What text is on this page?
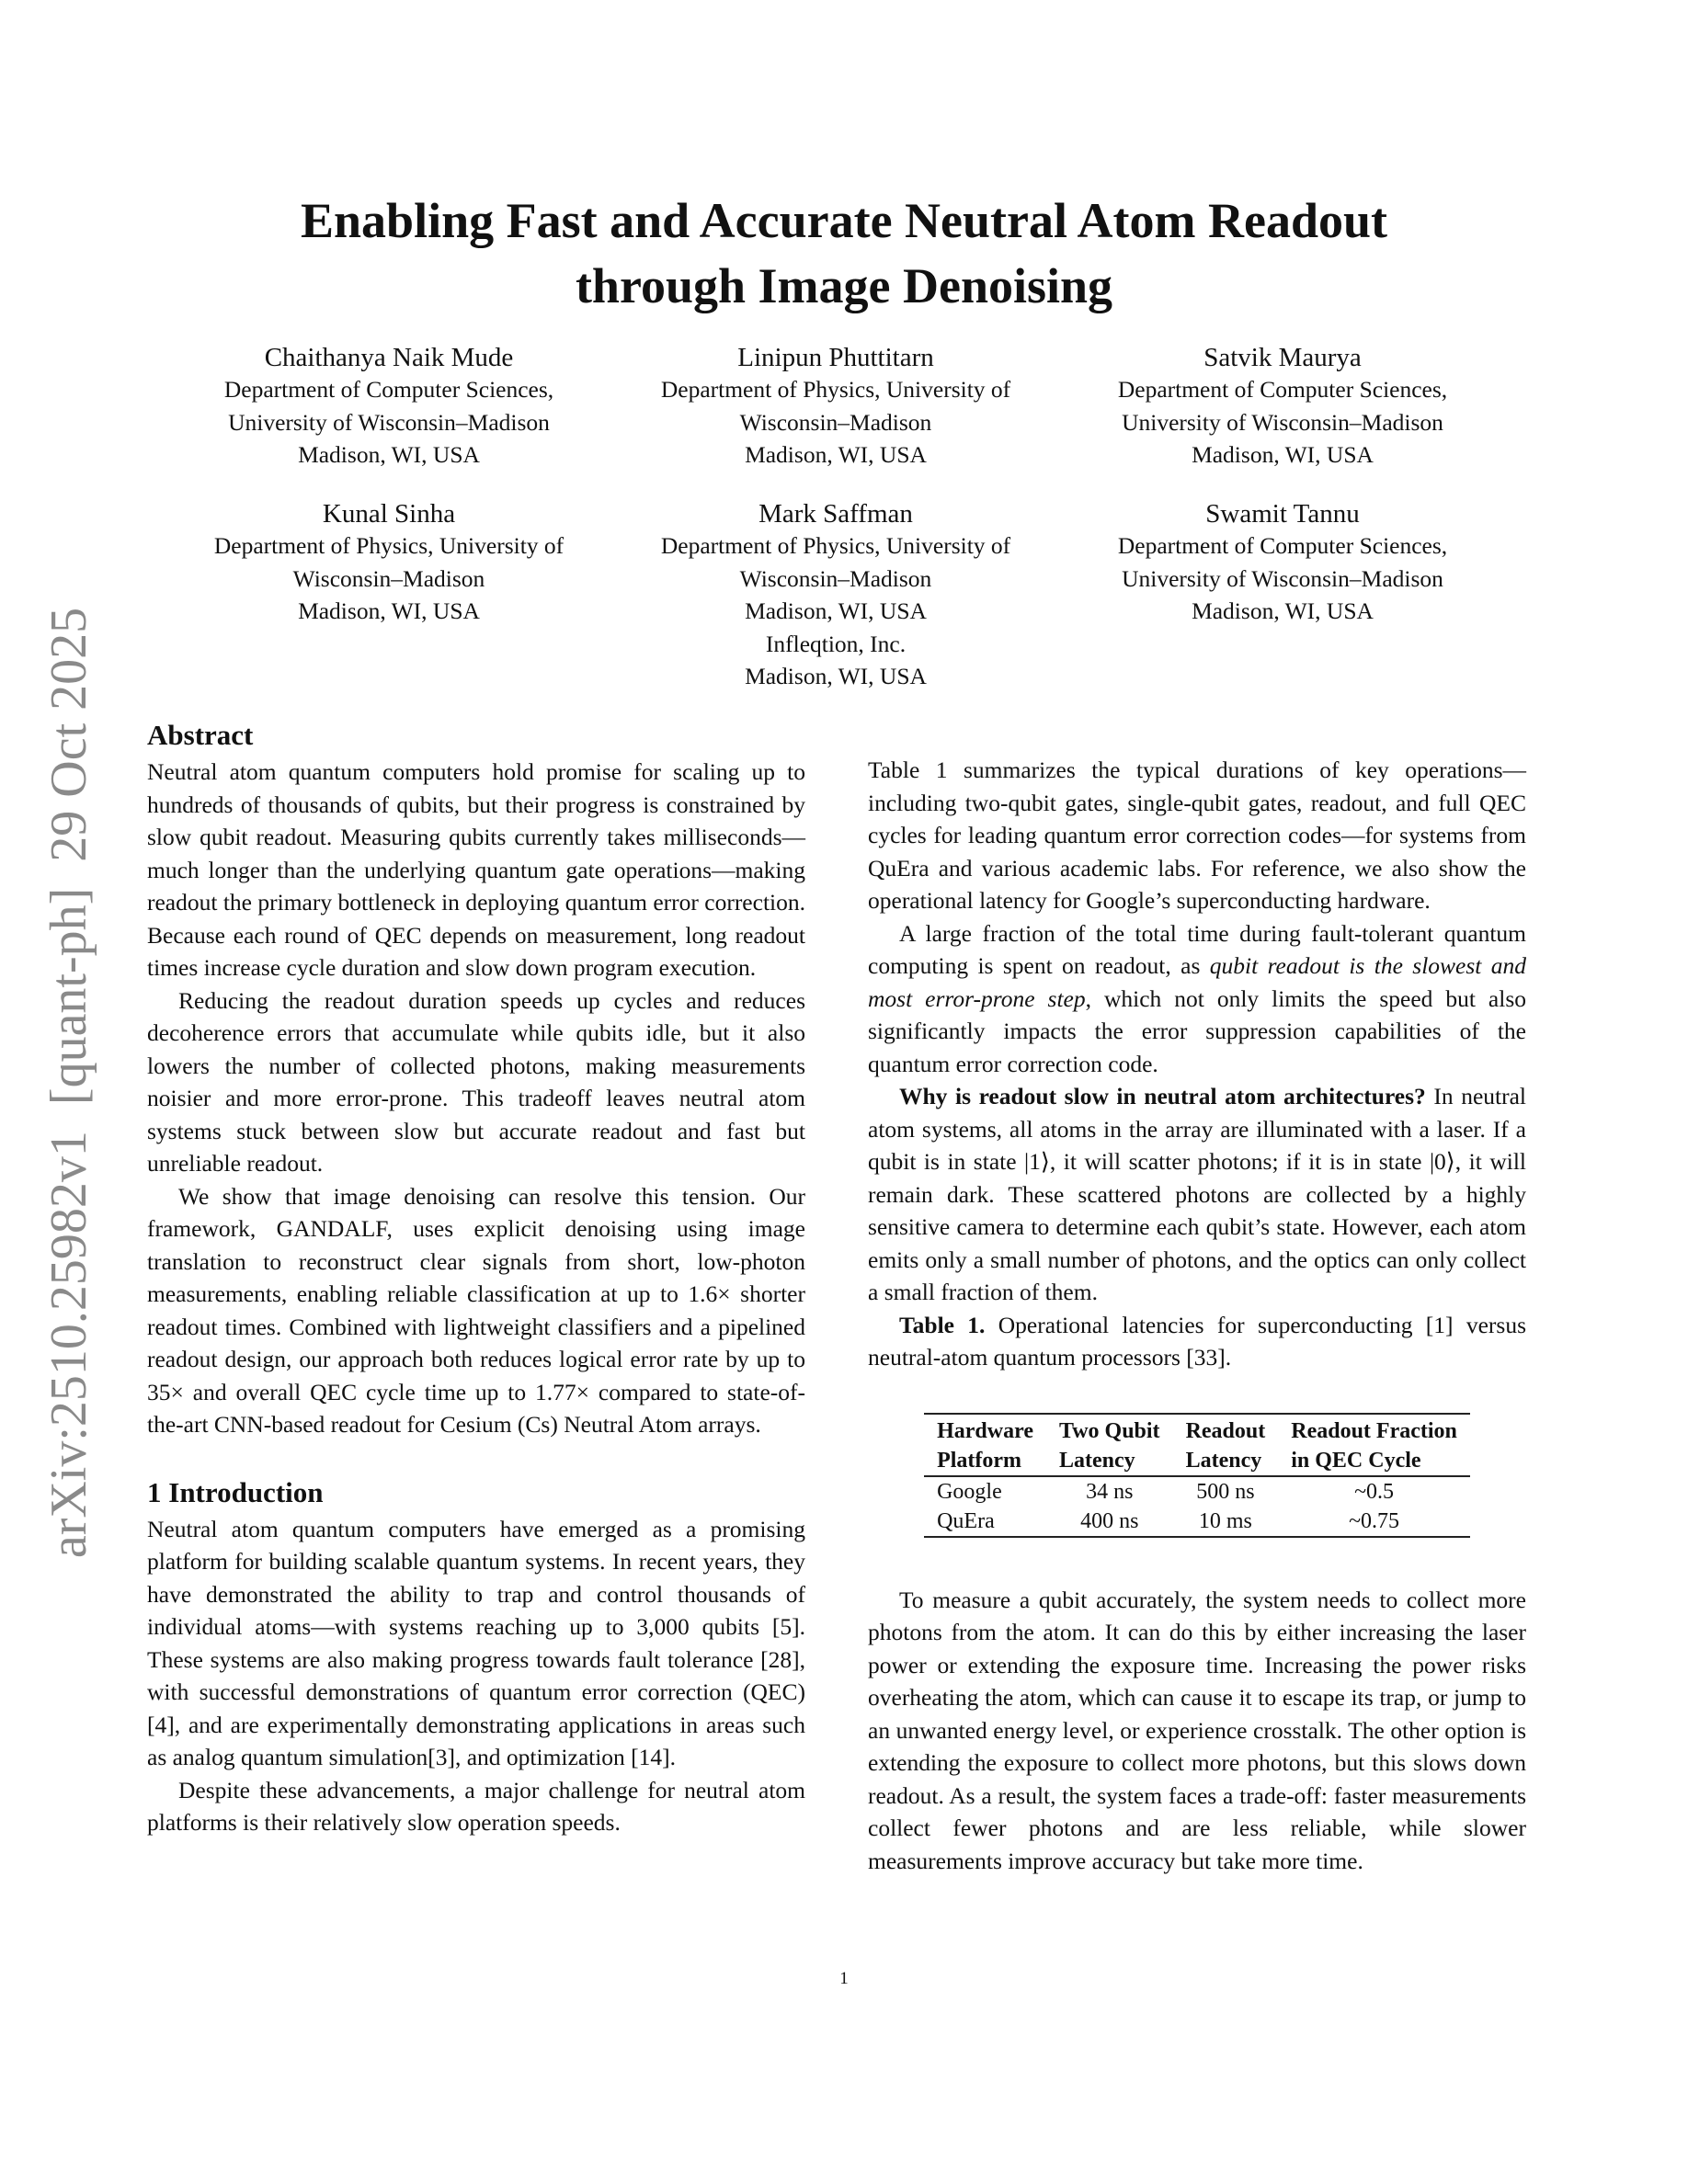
arXiv:2510.25982v1  [quant-ph]  29 Oct 2025
Enabling Fast and Accurate Neutral Atom Readout
through Image Denoising
Chaithanya Naik Mude
Department of Computer Sciences,
University of Wisconsin–Madison
Madison, WI, USA
Linipun Phuttitarn
Department of Physics, University of
Wisconsin–Madison
Madison, WI, USA
Satvik Maurya
Department of Computer Sciences,
University of Wisconsin–Madison
Madison, WI, USA
Kunal Sinha
Department of Physics, University of
Wisconsin–Madison
Madison, WI, USA
Mark Saffman
Department of Physics, University of
Wisconsin–Madison
Madison, WI, USA
Infleqtion, Inc.
Madison, WI, USA
Swamit Tannu
Department of Computer Sciences,
University of Wisconsin–Madison
Madison, WI, USA
Abstract

Neutral atom quantum computers hold promise for scaling up to hundreds of thousands of qubits, but their progress is constrained by slow qubit readout. Measuring qubits currently takes milliseconds—much longer than the underlying quantum gate operations—making readout the primary bottleneck in deploying quantum error correction. Because each round of QEC depends on measurement, long readout times increase cycle duration and slow down program execution.

Reducing the readout duration speeds up cycles and reduces decoherence errors that accumulate while qubits idle, but it also lowers the number of collected photons, making measurements noisier and more error-prone. This tradeoff leaves neutral atom systems stuck between slow but accurate readout and fast but unreliable readout.

We show that image denoising can resolve this tension. Our framework, GANDALF, uses explicit denoising using image translation to reconstruct clear signals from short, low-photon measurements, enabling reliable classification at up to 1.6× shorter readout times. Combined with lightweight classifiers and a pipelined readout design, our approach both reduces logical error rate by up to 35× and overall QEC cycle time up to 1.77× compared to state-of-the-art CNN-based readout for Cesium (Cs) Neutral Atom arrays.

1 Introduction

Neutral atom quantum computers have emerged as a promising platform for building scalable quantum systems. In recent years, they have demonstrated the ability to trap and control thousands of individual atoms—with systems reaching up to 3,000 qubits [5]. These systems are also making progress towards fault tolerance [28], with successful demonstrations of quantum error correction (QEC)[4], and are experimentally demonstrating applications in areas such as analog quantum simulation[3], and optimization [14].

Despite these advancements, a major challenge for neutral atom platforms is their relatively slow operation speeds.

Table 1 summarizes the typical durations of key operations—including two-qubit gates, single-qubit gates, readout, and full QEC cycles for leading quantum error correction codes—for systems from QuEra and various academic labs. For reference, we also show the operational latency for Google’s superconducting hardware.

A large fraction of the total time during fault-tolerant quantum computing is spent on readout, as qubit readout is the slowest and most error-prone step, which not only limits the speed but also significantly impacts the error suppression capabilities of the quantum error correction code.

Why is readout slow in neutral atom architectures? In neutral atom systems, all atoms in the array are illuminated with a laser. If a qubit is in state |1⟩, it will scatter photons; if it is in state |0⟩, it will remain dark. These scattered photons are collected by a highly sensitive camera to determine each qubit’s state. However, each atom emits only a small number of photons, and the optics can only collect a small fraction of them.

Table 1. Operational latencies for superconducting [1] versus neutral-atom quantum processors [33].

Hardware	Two Qubit	Readout	Readout Fraction
Platform	Latency	Latency	in QEC Cycle
Google	34 ns	500 ns	~0.5
QuEra	400 ns	10 ms	~0.75

To measure a qubit accurately, the system needs to collect more photons from the atom. It can do this by either increasing the laser power or extending the exposure time. Increasing the power risks overheating the atom, which can cause it to escape its trap, or jump to an unwanted energy level, or experience crosstalk. The other option is extending the exposure to collect more photons, but this slows down readout. As a result, the system faces a trade-off: faster measurements collect fewer photons and are less reliable, while slower measurements improve accuracy but take more time.

1
